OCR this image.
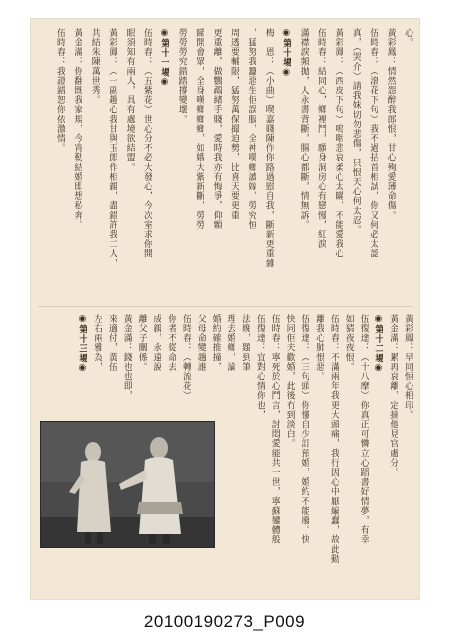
心。
黃彩鳳：情然怨醉我郎恨，甘心殉愛薄命傷。
伍時春：（滾花下句）我不過拈首相試，你又何必太認
真，（哭介）請我妹切勿悲傷，只恨天心何太忍。
黃彩鳳：（西皮下句）嗚咽悲哀柔心太瞞，不能愛我心
伍時春：結同心，鄉裡鬥，願身洞房心有戀慢，紅淚
滿襟淚頻拋，人永書背斷，腸心都斷，情無訴。
◉第十場◉
梅　恩：（小曲）喫嘉賤陳作你路過慰自我，斷新更重雜
，猛努我蠶惡生佢誤服，全神嘆鄉讀嫁，勞究恒
周透要輔限，猛努萬保撮迫勢，比喜天要更重
更重離，做鸚鵡緒手賤，愛時我亦有悔爭，仰顆
睇開會眾，全身嘆鄉鄉鄉，如娥大紫新斷，勞勞
勞勞勞究錯踏撐變壞。
◉第十一場◉
伍時春：（五紫花）世心分不必大發心，今次室求你開
眼須知有兩人，具有處境欲結盟。
黃彩鳳：（一副趣心我甘與玉郎作相親，盡錯許我二人，
共結朱陳萬世秀。
黃金滿：你翻既我家規，今宵勒結婚即想私奔。
伍時春：我證錯恕你依激情。
黃彩鳳：早同恒心相印。
黃金滿：累再哀離，定摘他見官處分。
◉第十二場◉
伍復達：（十八摩）你真正可憐立心蹈書好情夢，有幸
如猜夜夜恨。
伍時春：不滿兩年我更大頭痛，我行因心中厭編蠢，故此動
離我心肺恨惡。
伍復達：（三句頭）你懂自少訂預婚，婚約不能廢。快
快同佢夫歡婚，此後冇到淡白。
伍時春：寧死於心鬥言，討悶愛能共一世，寧蘇鑾體般
伍復達：宜對心情你也，
法晚，題到筆
理去婚鄉，論
婚約確推撞，
父母命變趟誰
伍時春：（轉流花）
你者不從命去
成親，永遠說
離父子關係。
黃金滿：錢也也即，
來適付，黃伍
左右兩雅為，
◉第十三場◉
20100190273_P009
